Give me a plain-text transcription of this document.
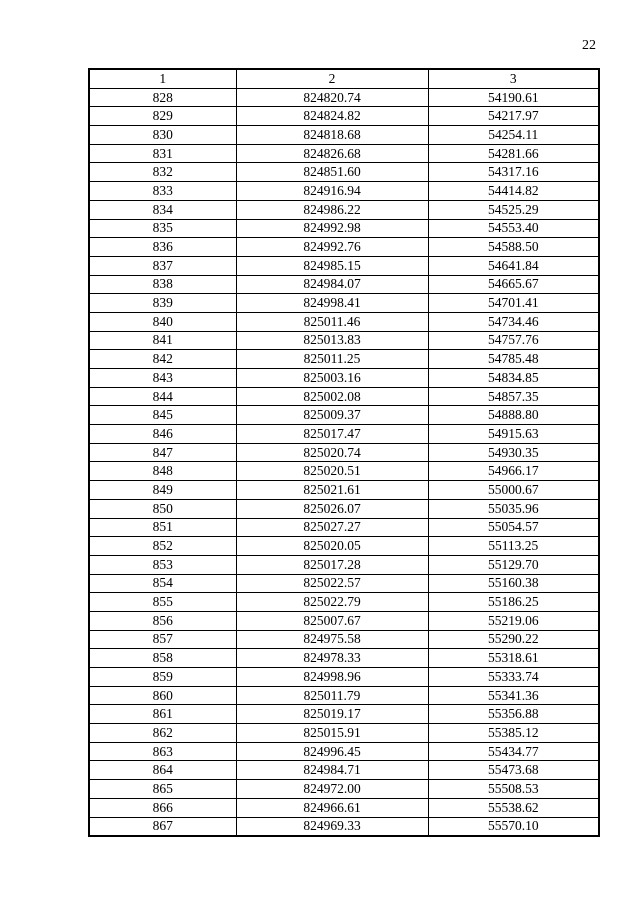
22
1	2	3
828	824820.74	54190.61
829	824824.82	54217.97
830	824818.68	54254.11
831	824826.68	54281.66
832	824851.60	54317.16
833	824916.94	54414.82
834	824986.22	54525.29
835	824992.98	54553.40
836	824992.76	54588.50
837	824985.15	54641.84
838	824984.07	54665.67
839	824998.41	54701.41
840	825011.46	54734.46
841	825013.83	54757.76
842	825011.25	54785.48
843	825003.16	54834.85
844	825002.08	54857.35
845	825009.37	54888.80
846	825017.47	54915.63
847	825020.74	54930.35
848	825020.51	54966.17
849	825021.61	55000.67
850	825026.07	55035.96
851	825027.27	55054.57
852	825020.05	55113.25
853	825017.28	55129.70
854	825022.57	55160.38
855	825022.79	55186.25
856	825007.67	55219.06
857	824975.58	55290.22
858	824978.33	55318.61
859	824998.96	55333.74
860	825011.79	55341.36
861	825019.17	55356.88
862	825015.91	55385.12
863	824996.45	55434.77
864	824984.71	55473.68
865	824972.00	55508.53
866	824966.61	55538.62
867	824969.33	55570.10
